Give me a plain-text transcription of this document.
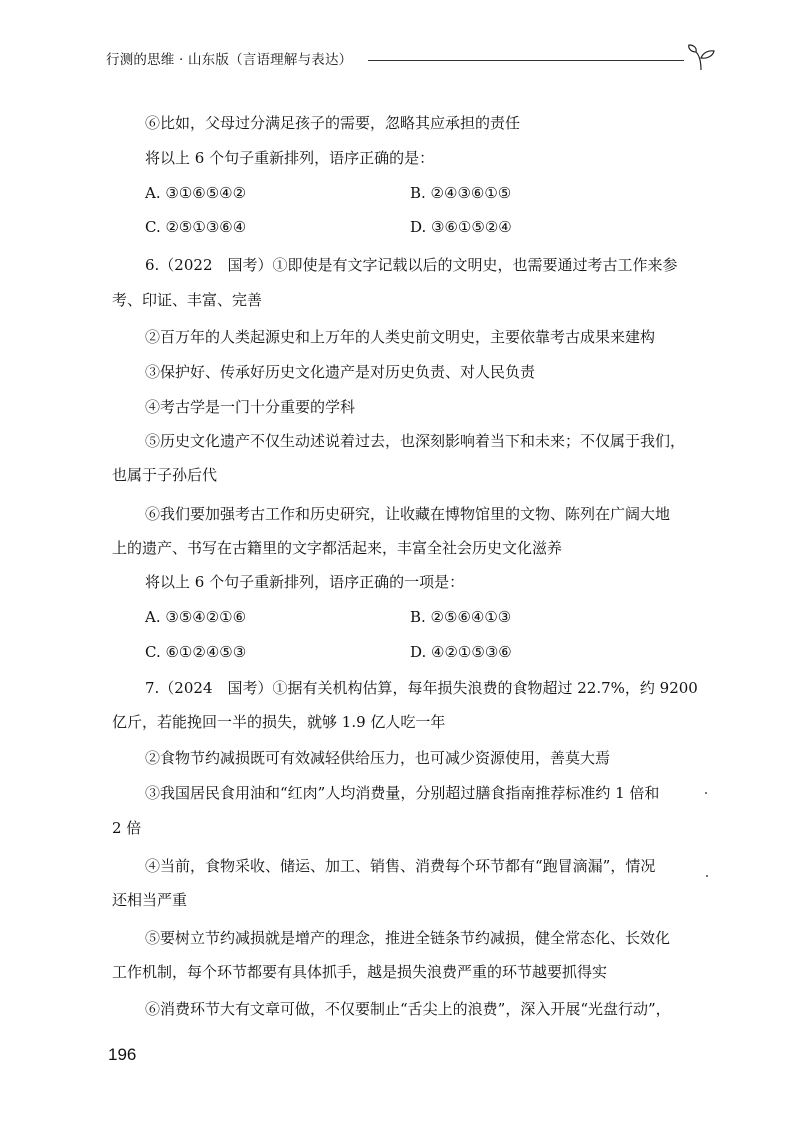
行测的思维 · 山东版（言语理解与表达）
⑥比如，父母过分满足孩子的需要，忽略其应承担的责任
将以上 6 个句子重新排列，语序正确的是：
A. ③①⑥⑤④②	B. ②④③⑥①⑤
C. ②⑤①③⑥④	D. ③⑥①⑤②④
6.（2022　国考）①即使是有文字记载以后的文明史，也需要通过考古工作来参
考、印证、丰富、完善
②百万年的人类起源史和上万年的人类史前文明史，主要依靠考古成果来建构
③保护好、传承好历史文化遗产是对历史负责、对人民负责
④考古学是一门十分重要的学科
⑤历史文化遗产不仅生动述说着过去，也深刻影响着当下和未来；不仅属于我们，
也属于子孙后代
⑥我们要加强考古工作和历史研究，让收藏在博物馆里的文物、陈列在广阔大地
上的遗产、书写在古籍里的文字都活起来，丰富全社会历史文化滋养
将以上 6 个句子重新排列，语序正确的一项是：
A. ③⑤④②①⑥	B. ②⑤⑥④①③
C. ⑥①②④⑤③	D. ④②①⑤③⑥
7.（2024　国考）①据有关机构估算，每年损失浪费的食物超过 22.7%，约 9200
亿斤，若能挽回一半的损失，就够 1.9 亿人吃一年
②食物节约减损既可有效减轻供给压力，也可减少资源使用，善莫大焉
③我国居民食用油和“红肉”人均消费量，分别超过膳食指南推荐标准约 1 倍和
2 倍
④当前，食物采收、储运、加工、销售、消费每个环节都有“跑冒滴漏”，情况
还相当严重
⑤要树立节约减损就是增产的理念，推进全链条节约减损，健全常态化、长效化
工作机制，每个环节都要有具体抓手，越是损失浪费严重的环节越要抓得实
⑥消费环节大有文章可做，不仅要制止“舌尖上的浪费”，深入开展“光盘行动”，
196
